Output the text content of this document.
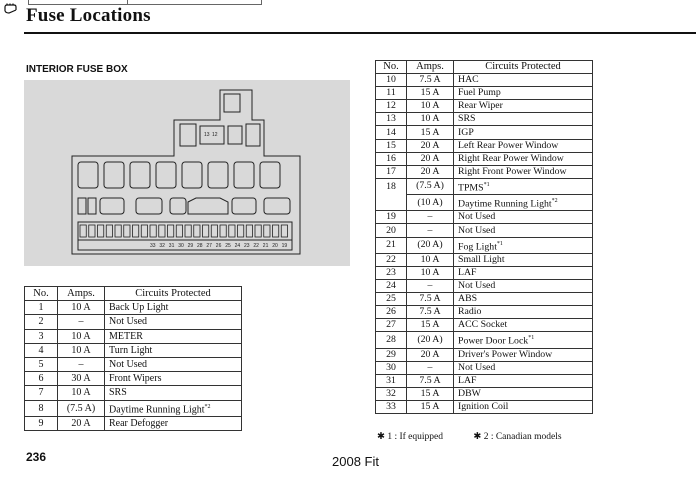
Fuse Locations
INTERIOR FUSE BOX
33 32 31 30 29 28 27 26 25 24 23 22 21 20 19
13 12
No.	Amps.	Circuits Protected
1	10 A	Back Up Light
2	–	Not Used
3	10 A	METER
4	10 A	Turn Light
5	–	Not Used
6	30 A	Front Wipers
7	10 A	SRS
8	(7.5 A)	Daytime Running Light$^{*2}$
9	20 A	Rear Defogger
No.	Amps.	Circuits Protected
10	7.5 A	HAC
11	15 A	Fuel Pump
12	10 A	Rear Wiper
13	10 A	SRS
14	15 A	IGP
15	20 A	Left Rear Power Window
16	20 A	Right Rear Power Window
17	20 A	Right Front Power Window
18	(7.5 A)	TPMS$^{*1}$
	(10 A)	Daytime Running Light$^{*2}$
19	–	Not Used
20	–	Not Used
21	(20 A)	Fog Light$^{*1}$
22	10 A	Small Light
23	10 A	LAF
24	–	Not Used
25	7.5 A	ABS
26	7.5 A	Radio
27	15 A	ACC Socket
28	(20 A)	Power Door Lock$^{*1}$
29	20 A	Driver's Power Window
30	–	Not Used
31	7.5 A	LAF
32	15 A	DBW
33	15 A	Ignition Coil
✱ 1 : If equipped	✱ 2 : Canadian models
236	2008 Fit
